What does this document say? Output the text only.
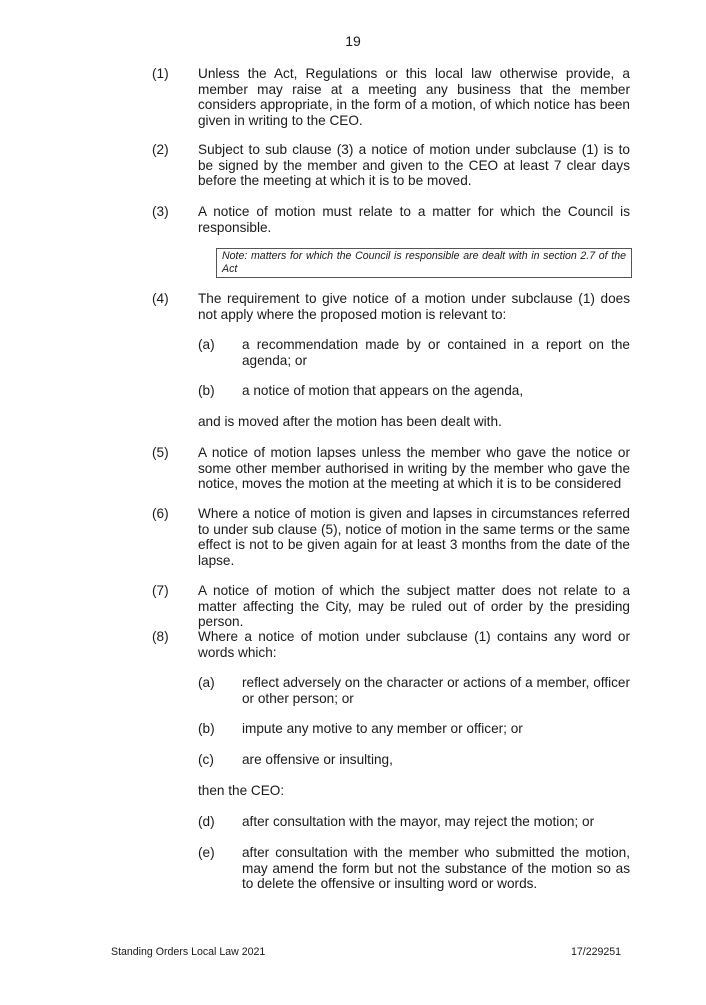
19
(1)	Unless the Act, Regulations or this local law otherwise provide, a member may raise at a meeting any business that the member considers appropriate, in the form of a motion, of which notice has been given in writing to the CEO.
(2)	Subject to sub clause (3) a notice of motion under subclause (1) is to be signed by the member and given to the CEO at least 7 clear days before the meeting at which it is to be moved.
(3)	A notice of motion must relate to a matter for which the Council is responsible.
Note: matters for which the Council is responsible are dealt with in section 2.7 of the Act
(4)	The requirement to give notice of a motion under subclause (1) does not apply where the proposed motion is relevant to:
(a)	a recommendation made by or contained in a report on the agenda; or
(b)	a notice of motion that appears on the agenda,
and is moved after the motion has been dealt with.
(5)	A notice of motion lapses unless the member who gave the notice or some other member authorised in writing by the member who gave the notice, moves the motion at the meeting at which it is to be considered
(6)	Where a notice of motion is given and lapses in circumstances referred to under sub clause (5), notice of motion in the same terms or the same effect is not to be given again for at least 3 months from the date of the lapse.
(7)	A notice of motion of which the subject matter does not relate to a matter affecting the City, may be ruled out of order by the presiding person.
(8)	Where a notice of motion under subclause (1) contains any word or words which:
(a)	reflect adversely on the character or actions of a member, officer or other person; or
(b)	impute any motive to any member or officer; or
(c)	are offensive or insulting,
then the CEO:
(d)	after consultation with the mayor, may reject the motion; or
(e)	after consultation with the member who submitted the motion, may amend the form but not the substance of the motion so as to delete the offensive or insulting word or words.
Standing Orders Local Law 2021	17/229251
